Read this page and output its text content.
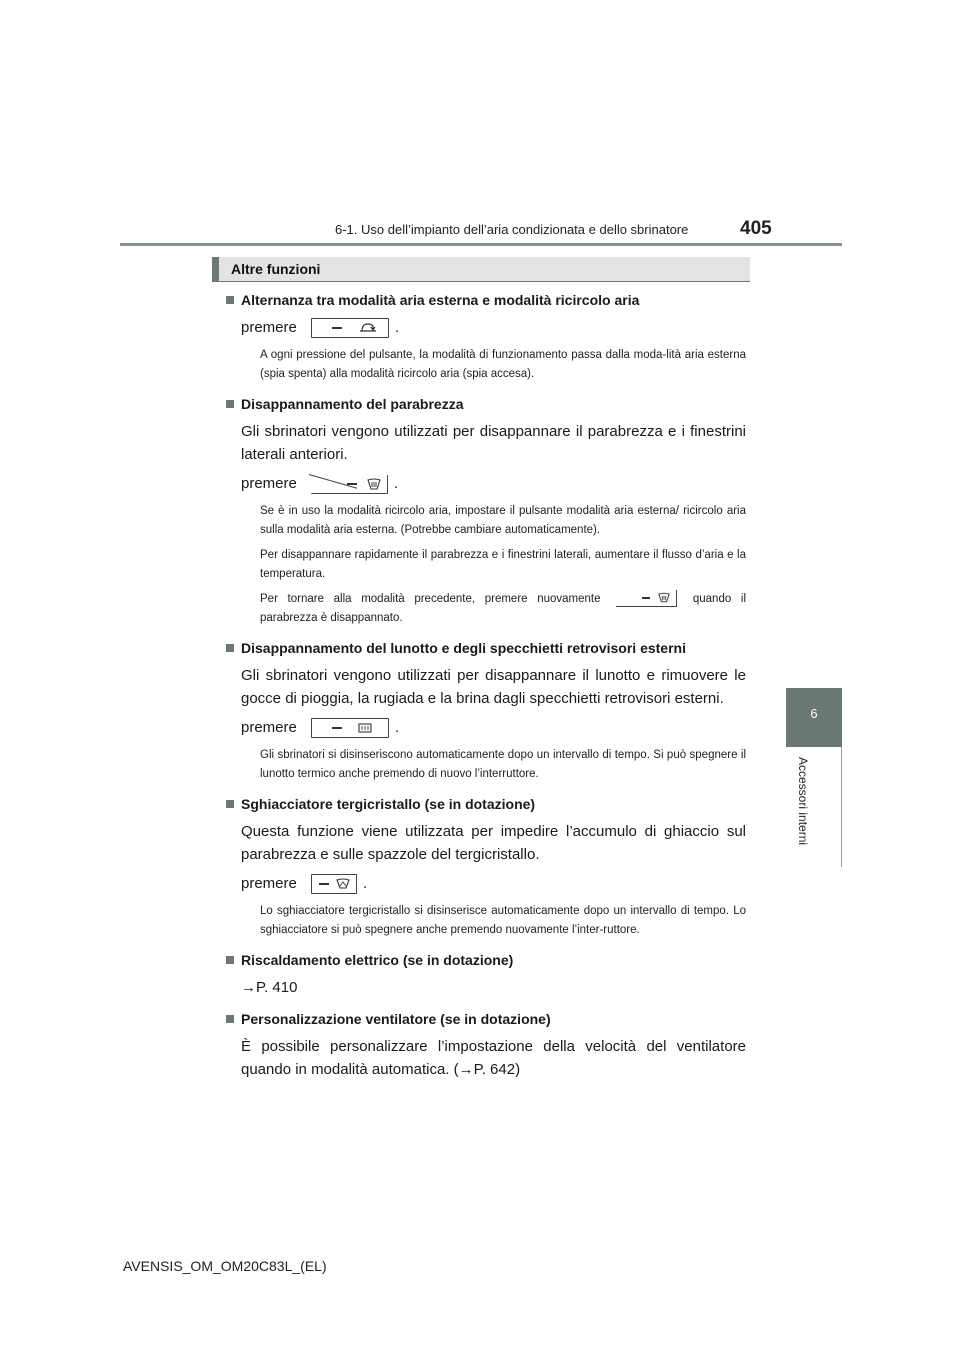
6-1. Uso dell’impianto dell’aria condizionata e dello sbrinatore	405
6
Accessori interni
Altre funzioni
Alternanza tra modalità aria esterna e modalità ricircolo aria
premere	.
A ogni pressione del pulsante, la modalità di funzionamento passa dalla moda-lità aria esterna (spia spenta) alla modalità ricircolo aria (spia accesa).
Disappannamento del parabrezza
Gli sbrinatori vengono utilizzati per disappannare il parabrezza e i finestrini laterali anteriori.
premere	.
Se è in uso la modalità ricircolo aria, impostare il pulsante modalità aria esterna/ ricircolo aria sulla modalità aria esterna. (Potrebbe cambiare automaticamente).
Per disappannare rapidamente il parabrezza e i finestrini laterali, aumentare il flusso d’aria e la temperatura.
Per tornare alla modalità precedente, premere nuovamente	quando il parabrezza è disappannato.
Disappannamento del lunotto e degli specchietti retrovisori esterni
Gli sbrinatori vengono utilizzati per disappannare il lunotto e rimuovere le gocce di pioggia, la rugiada e la brina dagli specchietti retrovisori esterni.
premere	.
Gli sbrinatori si disinseriscono automaticamente dopo un intervallo di tempo. Si può spegnere il lunotto termico anche premendo di nuovo l’interruttore.
Sghiacciatore tergicristallo (se in dotazione)
Questa funzione viene utilizzata per impedire l’accumulo di ghiaccio sul parabrezza e sulle spazzole del tergicristallo.
premere	.
Lo sghiacciatore tergicristallo si disinserisce automaticamente dopo un intervallo di tempo. Lo sghiacciatore si può spegnere anche premendo nuovamente l’inter-ruttore.
Riscaldamento elettrico (se in dotazione)
→P. 410
Personalizzazione ventilatore (se in dotazione)
È possibile personalizzare l’impostazione della velocità del ventilatore quando in modalità automatica. (→P. 642)
AVENSIS_OM_OM20C83L_(EL)
